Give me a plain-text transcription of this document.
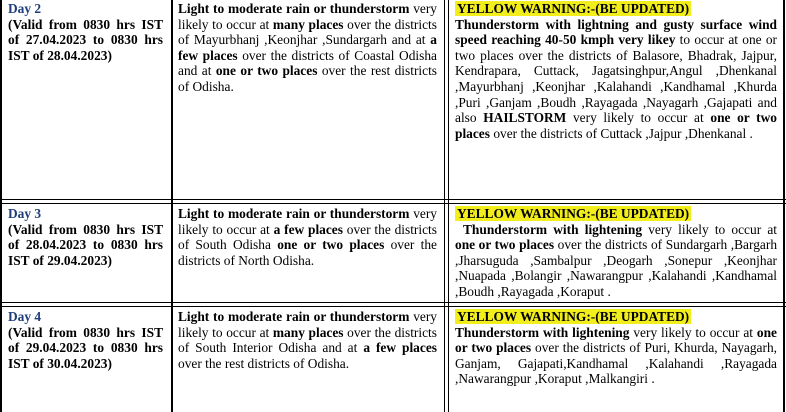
Day 2
(Valid from 0830 hrs IST of 27.04.2023 to 0830 hrs IST of 28.04.2023)
Light to moderate rain or thunderstorm very likely to occur at many places over the districts of Mayurbhanj ,Keonjhar ,Sundargarh and at a few places over the districts of Coastal Odisha and at one or two places over the rest districts of Odisha.
YELLOW WARNING:-(BE UPDATED)
Thunderstorm with lightning and gusty surface wind speed reaching 40-50 kmph very likey to occur at one or two places over the districts of Balasore, Bhadrak, Jajpur, Kendrapara, Cuttack, Jagatsinghpur,Angul ,Dhenkanal ,Mayurbhanj ,Keonjhar ,Kalahandi ,Kandhamal ,Khurda ,Puri ,Ganjam ,Boudh ,Rayagada ,Nayagarh ,Gajapati and also HAILSTORM very likely to occur at one or two places over the districts of Cuttack ,Jajpur ,Dhenkanal .
Day 3
(Valid from 0830 hrs IST of 28.04.2023 to 0830 hrs IST of 29.04.2023)
Light to moderate rain or thunderstorm very likely to occur at a few places over the districts of South Odisha one or two places over the districts of North Odisha.
YELLOW WARNING:-(BE UPDATED)
Thunderstorm with lightening very likely to occur at one or two places over the districts of Sundargarh ,Bargarh ,Jharsuguda ,Sambalpur ,Deogarh ,Sonepur ,Keonjhar ,Nuapada ,Bolangir ,Nawarangpur ,Kalahandi ,Kandhamal ,Boudh ,Rayagada ,Koraput .
Day 4
(Valid from 0830 hrs IST of 29.04.2023 to 0830 hrs IST of 30.04.2023)
Light to moderate rain or thunderstorm very likely to occur at many places over the districts of South Interior Odisha and at a few places over the rest districts of Odisha.
YELLOW WARNING:-(BE UPDATED)
Thunderstorm with lightening very likely to occur at one or two places over the districts of Puri, Khurda, Nayagarh, Ganjam, Gajapati,Kandhamal ,Kalahandi ,Rayagada ,Nawarangpur ,Koraput ,Malkangiri .
